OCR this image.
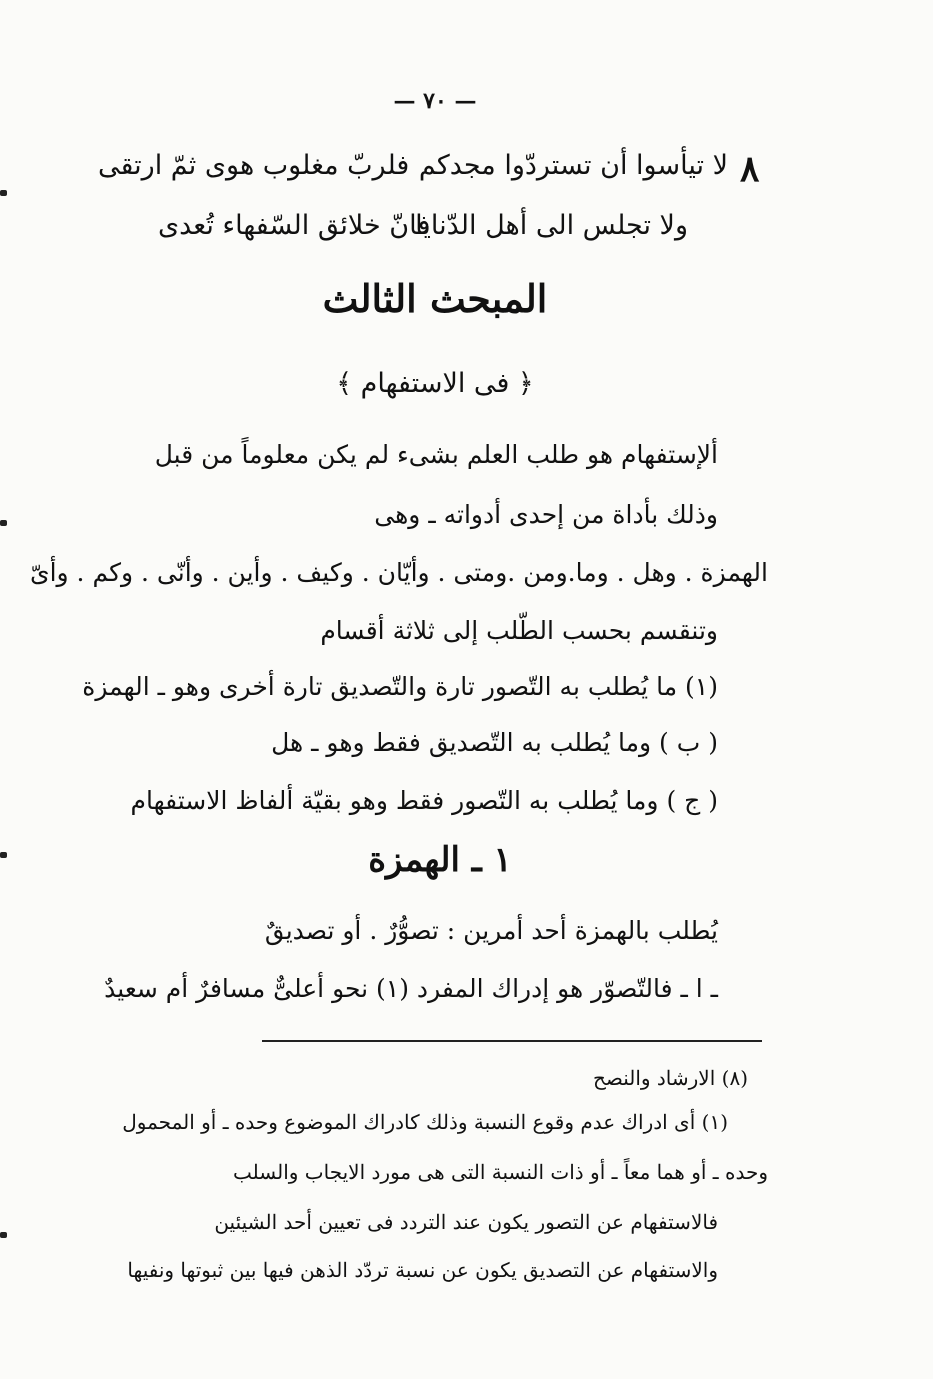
— ٧٠ —
٨
لا تيأسوا أن تستردّوا مجدكم
فلربّ مغلوب هوى ثمّ ارتقى
ولا تجلس الى أهل الدّنايا
فانّ خلائق السّفهاء تُعدى
المبحث الثالث
﴿ فى الاستفهام ﴾
ألإستفهام هو طلب العلم بشىء لم يكن معلوماً من قبل
وذلك بأداة من إحدى أدواته ـ وهى
الهمزة . وهل . وما.ومن .ومتى . وأيّان . وكيف . وأين . وأنّى . وكم . وأىّ
وتنقسم بحسب الطّلب إلى ثلاثة أقسام
(١) ما يُطلب به التّصور تارة والتّصديق تارة أخرى وهو ـ الهمزة
( ب ) وما يُطلب به التّصديق فقط وهو ـ هل
( ج ) وما يُطلب به التّصور فقط وهو بقيّة ألفاظ الاستفهام
١ ـ الهمزة
يُطلب بالهمزة أحد أمرين : تصوُّرٌ . أو تصديقٌ
ـ ا ـ فالتّصوّر هو إدراك المفرد (١) نحو أعلىٌّ مسافرٌ أم سعيدٌ
(٨) الارشاد والنصح
(١) أى ادراك عدم وقوع النسبة وذلك كادراك الموضوع وحده ـ أو المحمول
وحده ـ أو هما معاً ـ أو ذات النسبة التى هى مورد الايجاب والسلب
فالاستفهام عن التصور يكون عند التردد فى تعيين أحد الشيئين
والاستفهام عن التصديق يكون عن نسبة تردّد الذهن فيها بين ثبوتها ونفيها
